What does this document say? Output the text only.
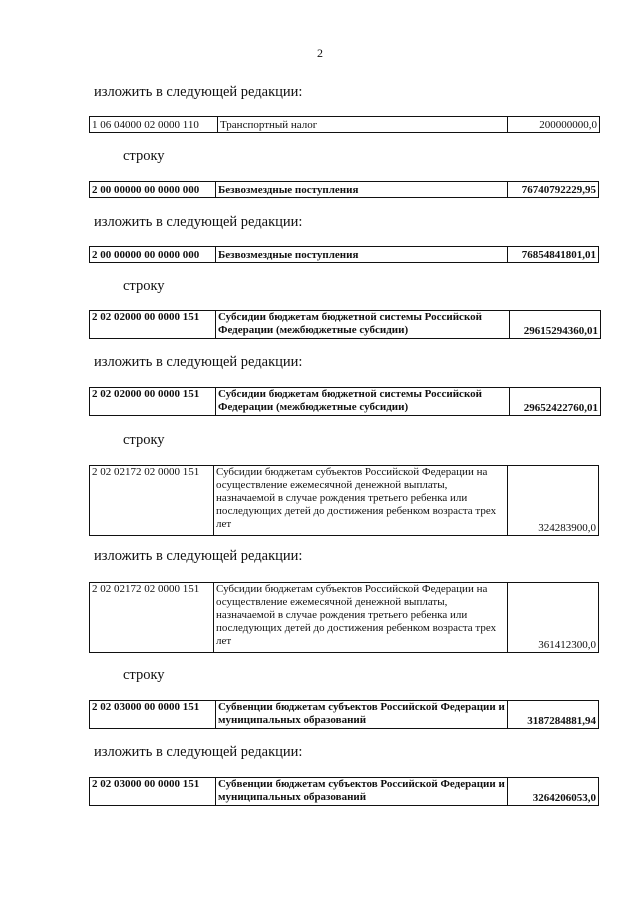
2
изложить в следующей редакции:
1 06 04000 02 0000 110	Транспортный налог	200000000,0
строку
2 00 00000 00 0000 000	Безвозмездные поступления	76740792229,95
изложить в следующей редакции:
2 00 00000 00 0000 000	Безвозмездные поступления	76854841801,01
строку
2 02 02000 00 0000 151	Субсидии бюджетам бюджетной системы Российской Федерации (межбюджетные субсидии)	29615294360,01
изложить в следующей редакции:
2 02 02000 00 0000 151	Субсидии бюджетам бюджетной системы Российской Федерации (межбюджетные субсидии)	29652422760,01
строку
2 02 02172 02 0000 151	Субсидии бюджетам субъектов Российской Федерации на осуществление ежемесячной денежной выплаты, назначаемой в случае рождения третьего ребенка или последующих детей до достижения ребенком возраста трех лет	324283900,0
изложить в следующей редакции:
2 02 02172 02 0000 151	Субсидии бюджетам субъектов Российской Федерации на осуществление ежемесячной денежной выплаты, назначаемой в случае рождения третьего ребенка или последующих детей до достижения ребенком возраста трех лет	361412300,0
строку
2 02 03000 00 0000 151	Субвенции бюджетам субъектов Российской Федерации и муниципальных образований	3187284881,94
изложить в следующей редакции:
2 02 03000 00 0000 151	Субвенции бюджетам субъектов Российской Федерации и муниципальных образований	3264206053,0
